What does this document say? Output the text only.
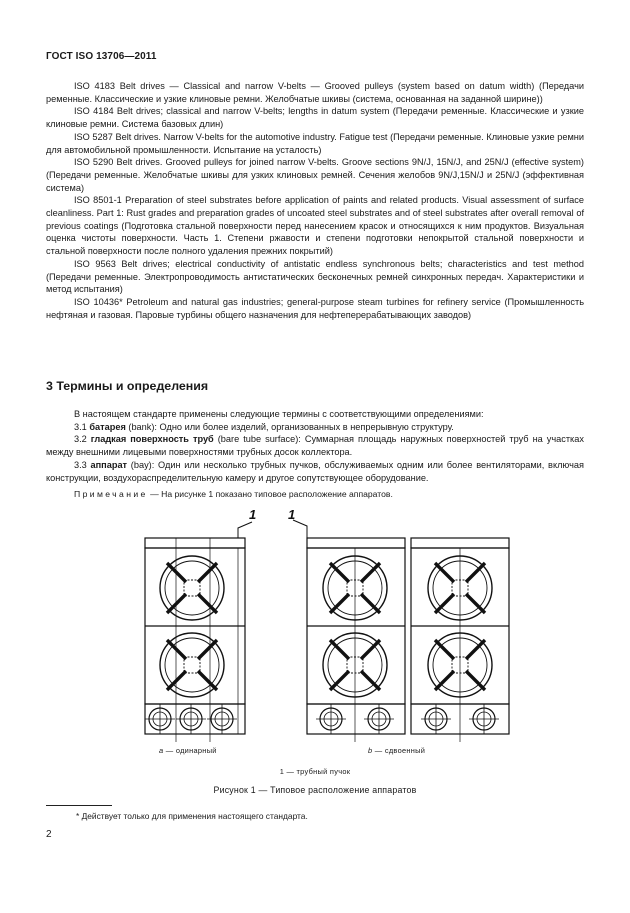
ГОСТ ISO 13706—2011

ISO 4183 Belt drives — Classical and narrow V-belts — Grooved pulleys (system based on datum width) (Передачи ременные. Классические и узкие клиновые ремни. Желобчатые шкивы (система, основанная на заданной ширине))

ISO 4184 Belt drives; classical and narrow V-belts; lengths in datum system (Передачи ременные. Классические и узкие клиновые ремни. Система базовых длин)

ISO 5287 Belt drives. Narrow V-belts for the automotive industry. Fatigue test (Передачи ременные. Клиновые узкие ремни для автомобильной промышленности. Испытание на усталость)

ISO 5290 Belt drives. Grooved pulleys for joined narrow V-belts. Groove sections 9N/J, 15N/J, and 25N/J (effective system) (Передачи ременные. Желобчатые шкивы для узких клиновых ремней. Сечения желобов 9N/J,15N/J и 25N/J (эффективная система)

ISO 8501-1 Preparation of steel substrates before application of paints and related products. Visual assessment of surface cleanliness. Part 1: Rust grades and preparation grades of uncoated steel substrates and of steel substrates after overall removal of previous coatings (Подготовка стальной поверхности перед нанесением красок и относящихся к ним продуктов. Визуальная оценка чистоты поверхности. Часть 1. Степени ржавости и степени подготовки непокрытой стальной поверхности и стальной поверхности после полного удаления прежних покрытий)

ISO 9563 Belt drives; electrical conductivity of antistatic endless synchronous belts; characteristics and test method (Передачи ременные. Электропроводимость антистатических бесконечных ремней синхронных передач. Характеристики и метод испытания)

ISO 10436* Petroleum and natural gas industries; general-purpose steam turbines for refinery service (Промышленность нефтяная и газовая. Паровые турбины общего назначения для нефтеперерабатывающих заводов)

3 Термины и определения

В настоящем стандарте применены следующие термины с соответствующими определениями:

3.1 батарея (bank): Одно или более изделий, организованных в непрерывную структуру.

3.2 гладкая поверхность труб (bare tube surface): Суммарная площадь наружных поверхностей труб на участках между внешними лицевыми поверхностями трубных досок коллектора.

3.3 аппарат (bay): Один или несколько трубных пучков, обслуживаемых одним или более вентиляторами, включая конструкции, воздухораспределительную камеру и другое сопутствующее оборудование.

Примечание — На рисунке 1 показано типовое расположение аппаратов.

1 1
a — одинарный	b — сдвоенный
1 — трубный пучок
Рисунок 1 — Типовое расположение аппаратов
* Действует только для применения настоящего стандарта.
2
